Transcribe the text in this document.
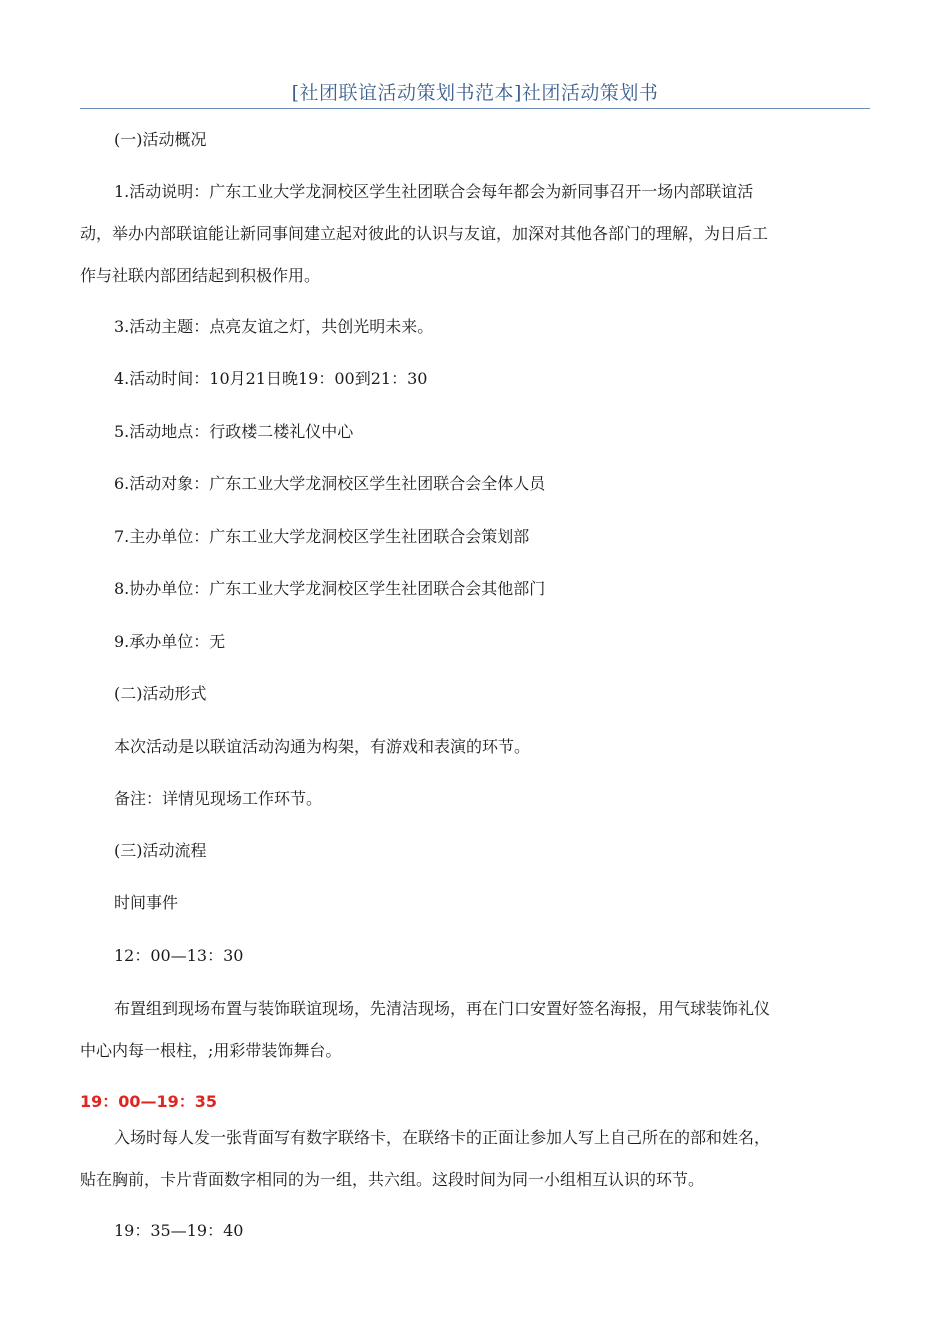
[社团联谊活动策划书范本]社团活动策划书
(一)活动概况
1.活动说明：广东工业大学龙洞校区学生社团联合会每年都会为新同事召开一场内部联谊活
动，举办内部联谊能让新同事间建立起对彼此的认识与友谊，加深对其他各部门的理解，为日后工
作与社联内部团结起到积极作用。
3.活动主题：点亮友谊之灯，共创光明未来。
4.活动时间：10月21日晚19：00到21：30
5.活动地点：行政楼二楼礼仪中心
6.活动对象：广东工业大学龙洞校区学生社团联合会全体人员
7.主办单位：广东工业大学龙洞校区学生社团联合会策划部
8.协办单位：广东工业大学龙洞校区学生社团联合会其他部门
9.承办单位：无
(二)活动形式
本次活动是以联谊活动沟通为构架，有游戏和表演的环节。
备注：详情见现场工作环节。
(三)活动流程
时间事件
12：00—13：30
布置组到现场布置与装饰联谊现场，先清洁现场，再在门口安置好签名海报，用气球装饰礼仪
中心内每一根柱，;用彩带装饰舞台。
19：00—19：35
入场时每人发一张背面写有数字联络卡，在联络卡的正面让参加人写上自己所在的部和姓名，
贴在胸前，卡片背面数字相同的为一组，共六组。这段时间为同一小组相互认识的环节。
19：35—19：40
